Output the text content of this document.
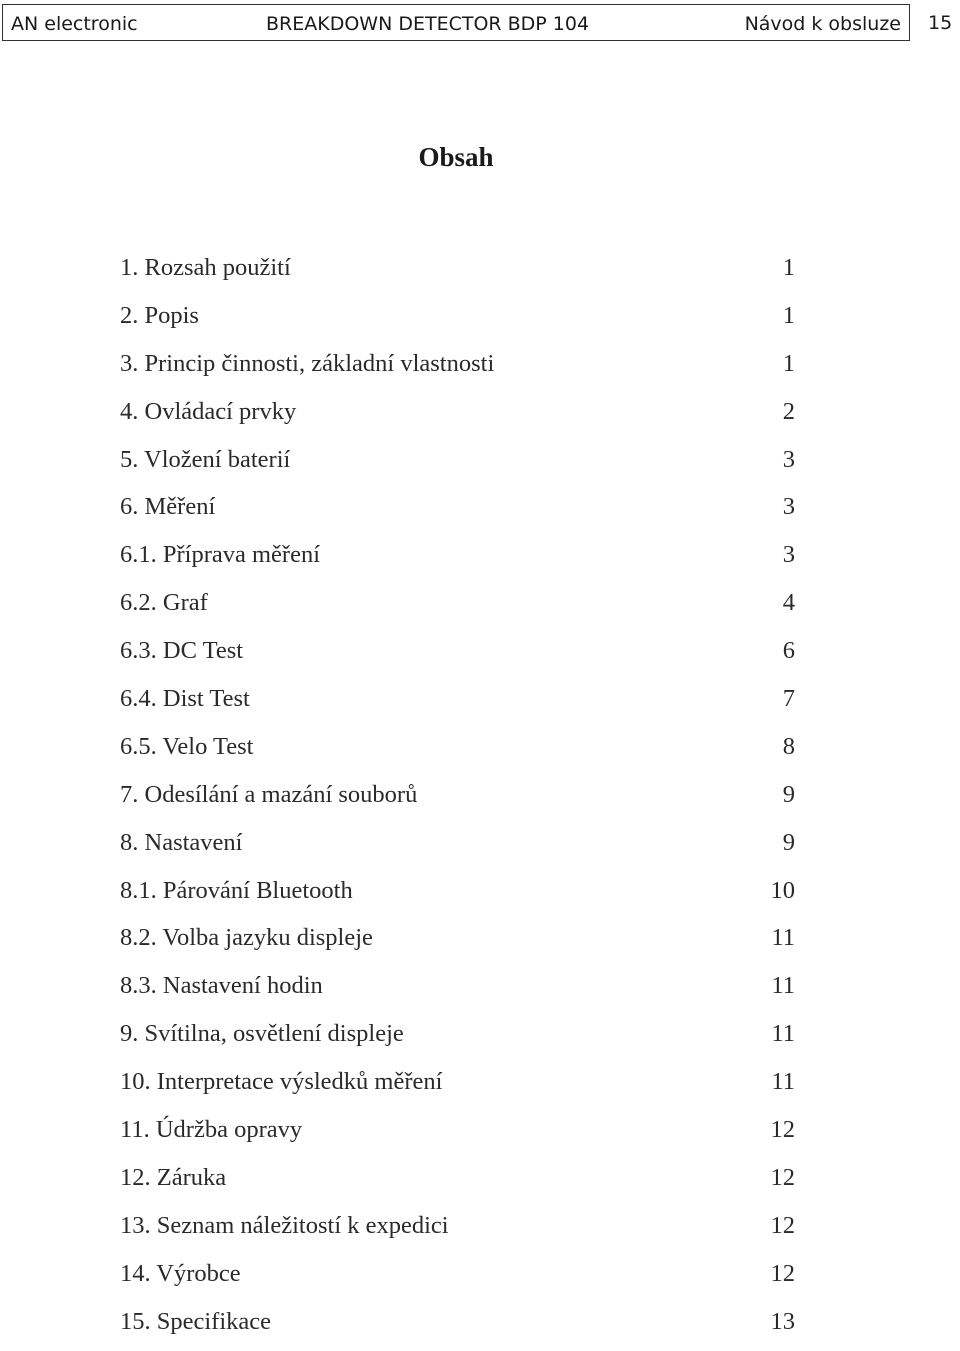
AN electronic	BREAKDOWN DETECTOR BDP 104	Návod k obsluze 15
Obsah
1. Rozsah použití	1
2. Popis	1
3. Princip činnosti, základní vlastnosti	1
4. Ovládací prvky	2
5. Vložení baterií	3
6. Měření	3
6.1. Příprava měření	3
6.2. Graf	4
6.3. DC Test	6
6.4. Dist Test	7
6.5. Velo Test	8
7. Odesílání a mazání souborů	9
8. Nastavení	9
8.1. Párování Bluetooth	10
8.2. Volba jazyku displeje	11
8.3. Nastavení hodin	11
9. Svítilna, osvětlení displeje	11
10. Interpretace výsledků měření	11
11. Údržba opravy	12
12. Záruka	12
13. Seznam náležitostí k expedici	12
14. Výrobce	12
15. Specifikace	13
